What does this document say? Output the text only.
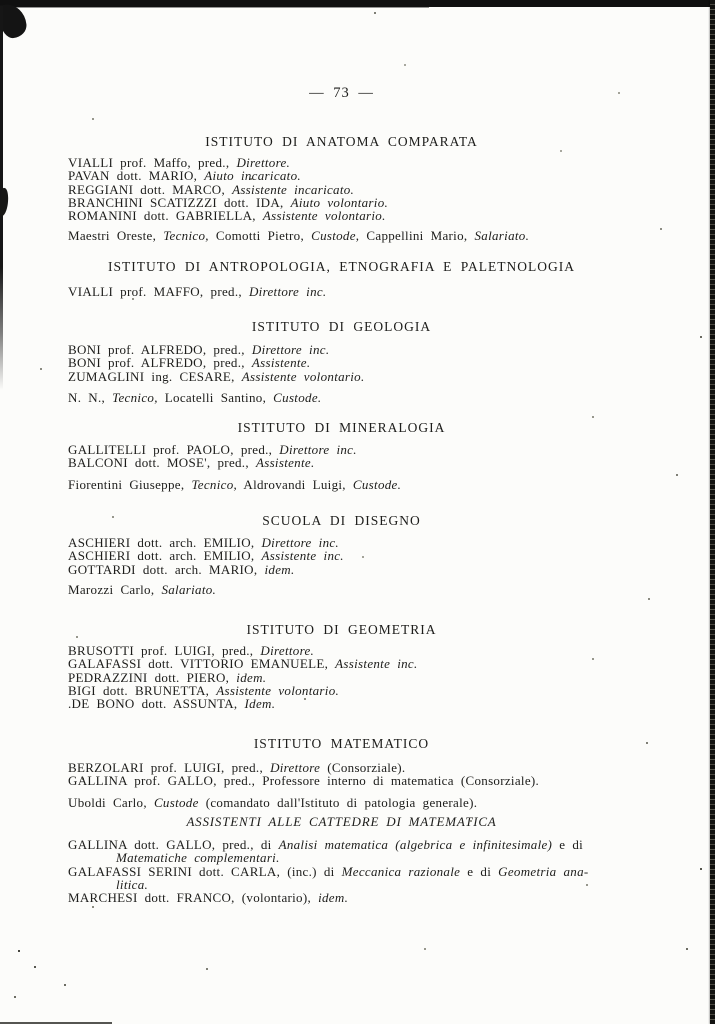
— 73 —
ISTITUTO DI ANATOMA COMPARATA
VIALLI prof. Maffo, pred., Direttore.
PAVAN dott. MARIO, Aiuto incaricato.
REGGIANI dott. MARCO, Assistente incaricato.
BRANCHINI SCATIZZZI dott. IDA, Aiuto volontario.
ROMANINI dott. GABRIELLA, Assistente volontario.
Maestri Oreste, Tecnico, Comotti Pietro, Custode, Cappellini Mario, Salariato.
ISTITUTO DI ANTROPOLOGIA, ETNOGRAFIA E PALETNOLOGIA
VIALLI prof. MAFFO, pred., Direttore inc.
ISTITUTO DI GEOLOGIA
BONI prof. ALFREDO, pred., Direttore inc.
BONI prof. ALFREDO, pred., Assistente.
ZUMAGLINI ing. CESARE, Assistente volontario.
N. N., Tecnico, Locatelli Santino, Custode.
ISTITUTO DI MINERALOGIA
GALLITELLI prof. PAOLO, pred., Direttore inc.
BALCONI dott. MOSE', pred., Assistente.
Fiorentini Giuseppe, Tecnico, Aldrovandi Luigi, Custode.
SCUOLA DI DISEGNO
ASCHIERI dott. arch. EMILIO, Direttore inc.
ASCHIERI dott. arch. EMILIO, Assistente inc.
GOTTARDI dott. arch. MARIO, idem.
Marozzi Carlo, Salariato.
ISTITUTO DI GEOMETRIA
BRUSOTTI prof. LUIGI, pred., Direttore.
GALAFASSI dott. VITTORIO EMANUELE, Assistente inc.
PEDRAZZINI dott. PIERO, idem.
BIGI dott. BRUNETTA, Assistente volontario.
.DE BONO dott. ASSUNTA, Idem.
ISTITUTO MATEMATICO
BERZOLARI prof. LUIGI, pred., Direttore (Consorziale).
GALLINA prof. GALLO, pred., Professore interno di matematica (Consorziale).
Uboldi Carlo, Custode (comandato dall'Istituto di patologia generale).
ASSISTENTI ALLE CATTEDRE DI MATEMATICA
GALLINA dott. GALLO, pred., di Analisi matematica (algebrica e infinitesimale) e di
Matematiche complementari.
GALAFASSI SERINI dott. CARLA, (inc.) di Meccanica razionale e di Geometria ana-
litica.
MARCHESI dott. FRANCO, (volontario), idem.
